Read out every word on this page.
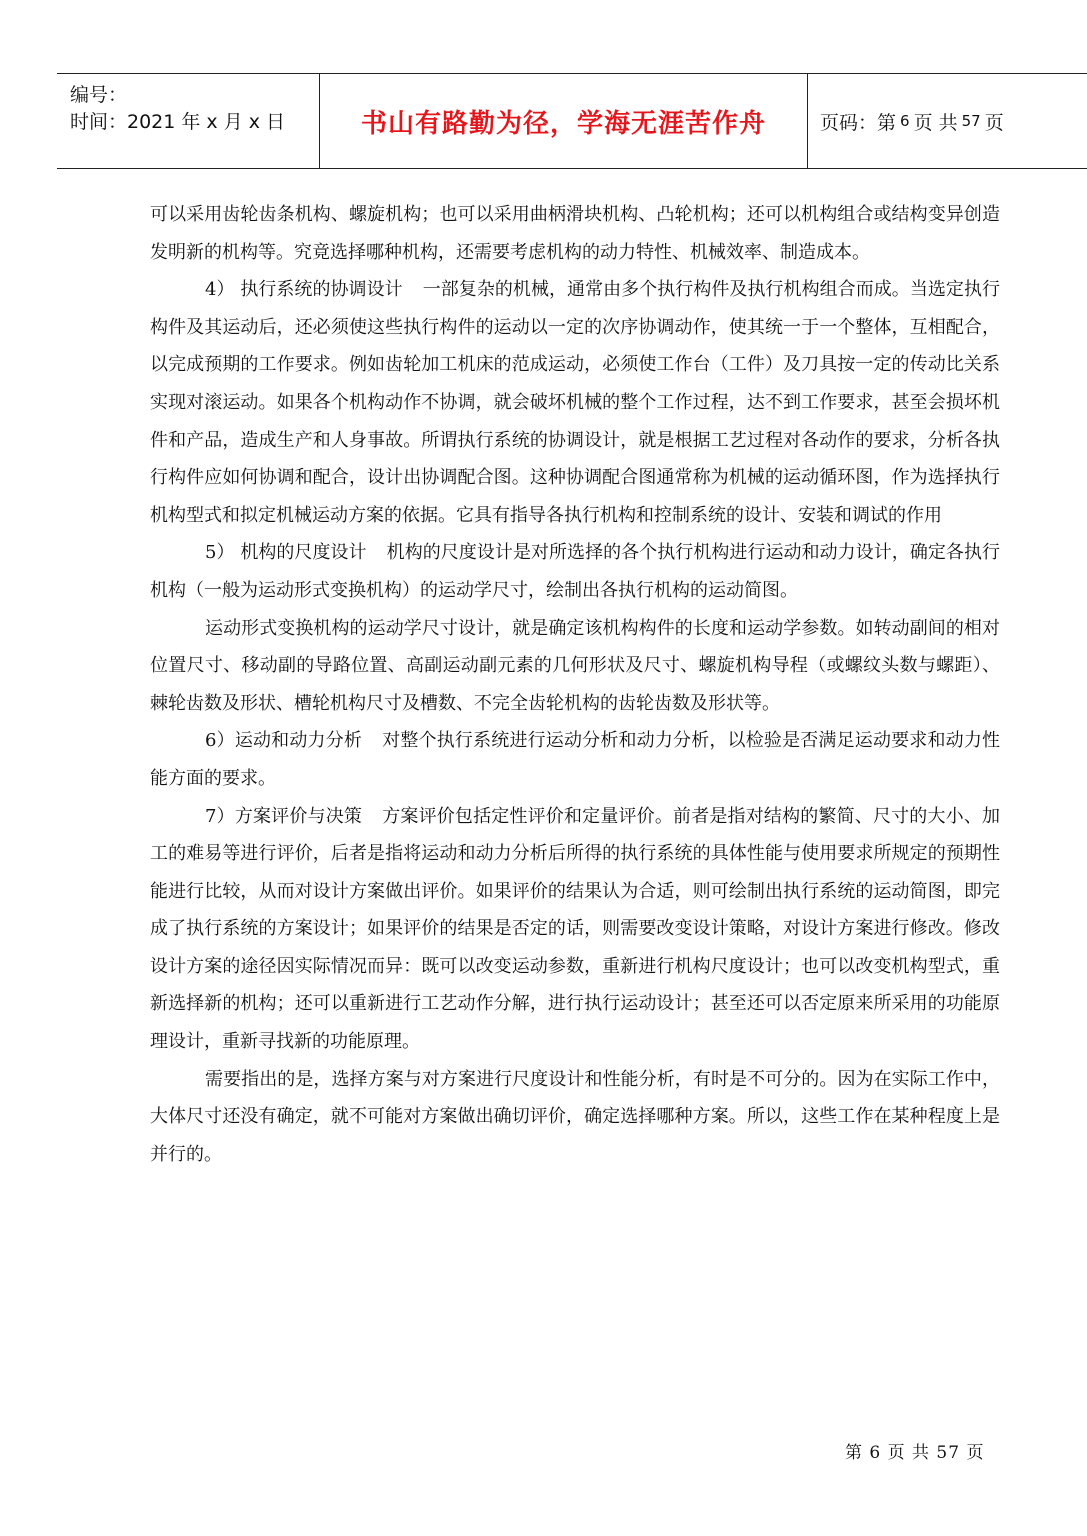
编号：
时间：2021 年 x 月 x 日	书山有路勤为径，学海无涯苦作舟	页码：第 6 页 共 57 页

可以采用齿轮齿条机构、螺旋机构；也可以采用曲柄滑块机构、凸轮机构；还可以机构组合或结构变异创造发明新的机构等。究竟选择哪种机构，还需要考虑机构的动力特性、机械效率、制造成本。

4） 执行系统的协调设计 一部复杂的机械，通常由多个执行构件及执行机构组合而成。当选定执行构件及其运动后，还必须使这些执行构件的运动以一定的次序协调动作，使其统一于一个整体，互相配合，以完成预期的工作要求。例如齿轮加工机床的范成运动，必须使工作台（工件）及刀具按一定的传动比关系实现对滚运动。如果各个机构动作不协调，就会破坏机械的整个工作过程，达不到工作要求，甚至会损坏机件和产品，造成生产和人身事故。所谓执行系统的协调设计，就是根据工艺过程对各动作的要求，分析各执行构件应如何协调和配合，设计出协调配合图。这种协调配合图通常称为机械的运动循环图，作为选择执行机构型式和拟定机械运动方案的依据。它具有指导各执行机构和控制系统的设计、安装和调试的作用

5） 机构的尺度设计 机构的尺度设计是对所选择的各个执行机构进行运动和动力设计，确定各执行机构（一般为运动形式变换机构）的运动学尺寸，绘制出各执行机构的运动简图。

运动形式变换机构的运动学尺寸设计，就是确定该机构构件的长度和运动学参数。如转动副间的相对位置尺寸、移动副的导路位置、高副运动副元素的几何形状及尺寸、螺旋机构导程（或螺纹头数与螺距）、棘轮齿数及形状、槽轮机构尺寸及槽数、不完全齿轮机构的齿轮齿数及形状等。

6）运动和动力分析 对整个执行系统进行运动分析和动力分析，以检验是否满足运动要求和动力性能方面的要求。

7）方案评价与决策 方案评价包括定性评价和定量评价。前者是指对结构的繁简、尺寸的大小、加工的难易等进行评价，后者是指将运动和动力分析后所得的执行系统的具体性能与使用要求所规定的预期性能进行比较，从而对设计方案做出评价。如果评价的结果认为合适，则可绘制出执行系统的运动简图，即完成了执行系统的方案设计；如果评价的结果是否定的话，则需要改变设计策略，对设计方案进行修改。修改设计方案的途径因实际情况而异：既可以改变运动参数，重新进行机构尺度设计；也可以改变机构型式，重新选择新的机构；还可以重新进行工艺动作分解，进行执行运动设计；甚至还可以否定原来所采用的功能原理设计，重新寻找新的功能原理。

需要指出的是，选择方案与对方案进行尺度设计和性能分析，有时是不可分的。因为在实际工作中，大体尺寸还没有确定，就不可能对方案做出确切评价，确定选择哪种方案。所以，这些工作在某种程度上是并行的。

第 6 页 共 57 页
